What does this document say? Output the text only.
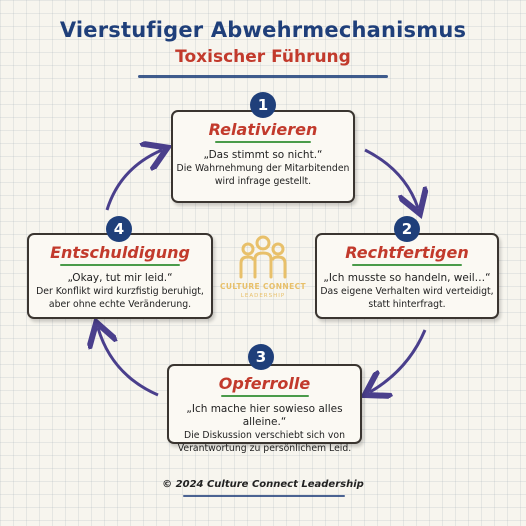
Vierstufiger Abwehrmechanismus
Toxischer Führung
Relativieren
„Das stimmt so nicht.“
Die Wahrnehmung der Mitarbitenden
wird infrage gestellt.
1
Rechtfertigen
„Ich musste so handeln, weil…“
Das eigene Verhalten wird verteidigt,
statt hinterfragt.
2
Opferrolle
„Ich mache hier sowieso alles alleine.“
Die Diskussion verschiebt sich von
Verantwortung zu persönlichem Leid.
3
Entschuldigung
„Okay, tut mir leid.“
Der Konflikt wird kurzfistig beruhigt,
aber ohne echte Veränderung.
4
CULTURE CONNECT
LEADERSHIP
© 2024 Culture Connect Leadership
